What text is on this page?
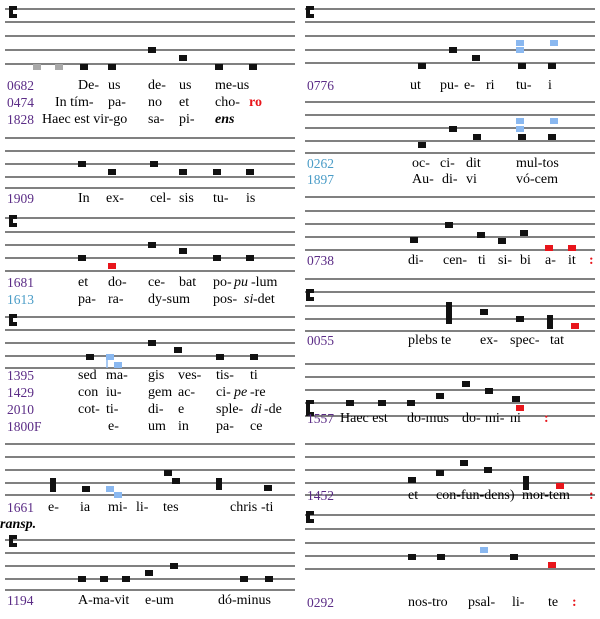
0682	De- us de- us me-us
0474 In tím- pa- no et cho- ro
1828 Haec est vir-go sa- pi- ens
1909	In ex- cel- sis tu- is
1681	et do- ce- bat po- pu -lum
1613	pa- ra- dy-sum pos- si -det
1395	sed ma- gis ves- tis- ti
1429	con iu- gem ac- ci- pe -re
2010	cot- ti- di- e sple- di -de
1800F	e- um in pa- ce
1661 e- ia mi- li- tes	chris -ti
ransp.
1194	A-ma-vit e-um	dó-minus
0776	ut pu- e- ri tu- i
0262	oc- ci- dit	mul-tos
1897	Au- di- vi	vó-cem
0738	di- cen- ti si- bi a- it :
0055	plebs te ex- spec- tat
1557 Haec est do-mus do- mi- ni :
1452	et con-fun-dens) mor-tem :
0292	nos-tro psal- li- te :
